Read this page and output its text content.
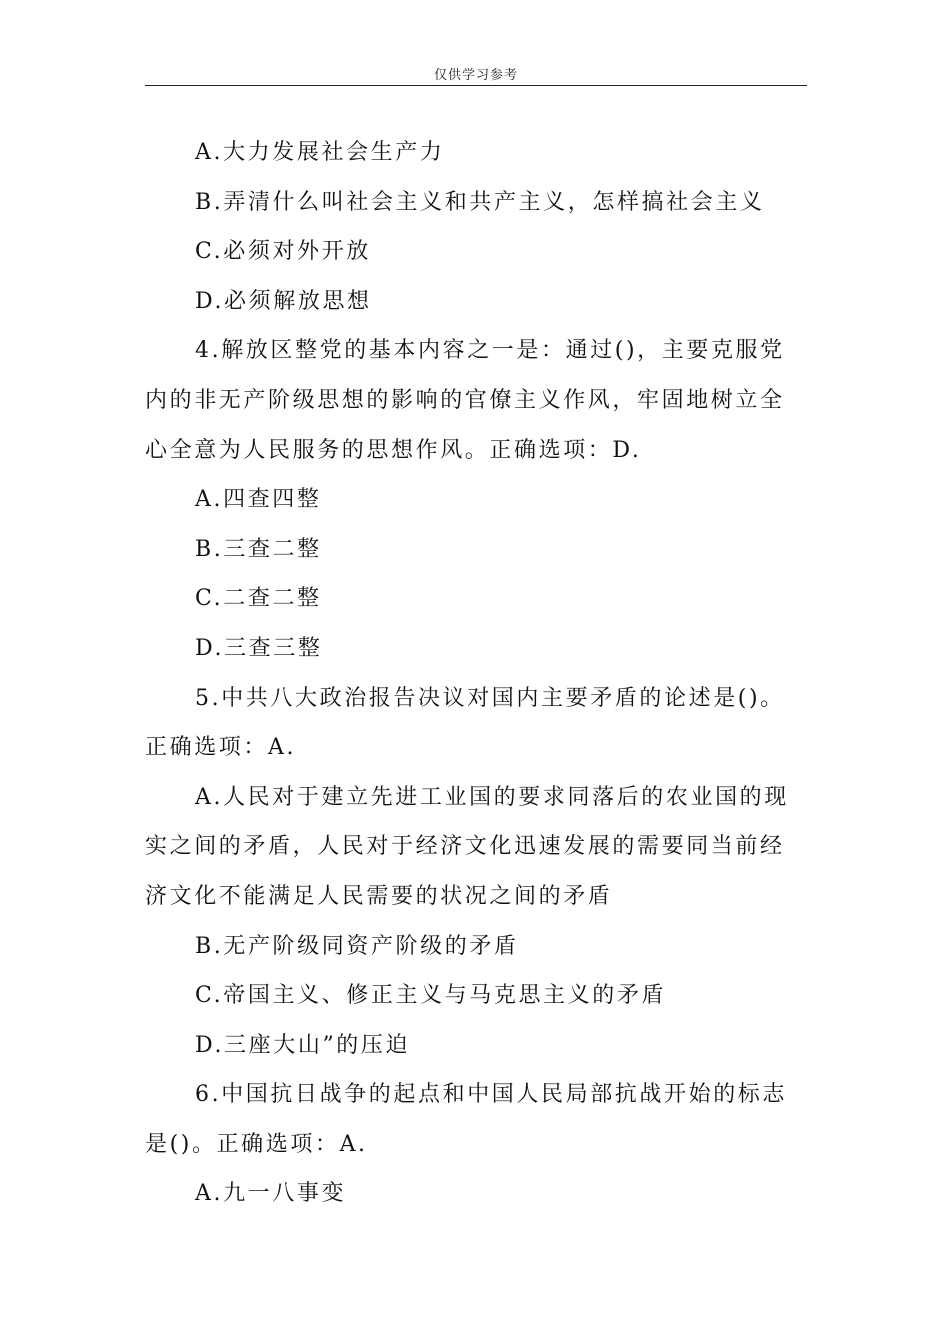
仅供学习参考

A.大力发展社会生产力

B.弄清什么叫社会主义和共产主义，怎样搞社会主义

C.必须对外开放

D.必须解放思想

4.解放区整党的基本内容之一是：通过()，主要克服党内的非无产阶级思想的影响的官僚主义作风，牢固地树立全心全意为人民服务的思想作风。正确选项：D.

A.四查四整

B.三查二整

C.二查二整

D.三查三整

5.中共八大政治报告决议对国内主要矛盾的论述是()。正确选项：A.

A.人民对于建立先进工业国的要求同落后的农业国的现实之间的矛盾，人民对于经济文化迅速发展的需要同当前经济文化不能满足人民需要的状况之间的矛盾

B.无产阶级同资产阶级的矛盾

C.帝国主义、修正主义与马克思主义的矛盾

D.三座大山”的压迫

6.中国抗日战争的起点和中国人民局部抗战开始的标志是()。正确选项：A.

A.九一八事变
